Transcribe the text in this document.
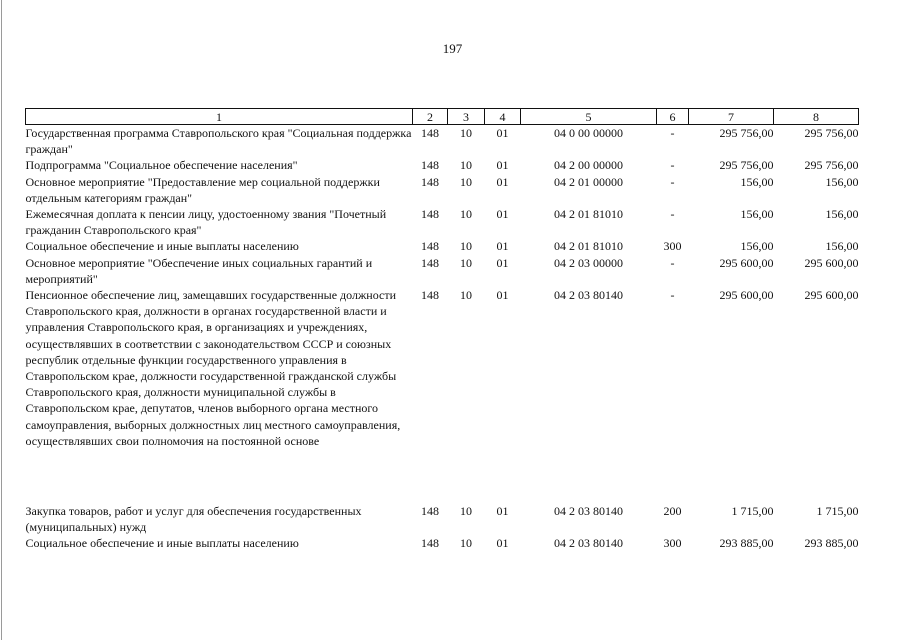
197
1	2	3	4	5	6	7	8
Государственная программа Ставропольского края "Социальная поддержка граждан"	148	10	01	04 0 00 00000	-	295 756,00	295 756,00
Подпрограмма "Социальное обеспечение населения"	148	10	01	04 2 00 00000	-	295 756,00	295 756,00
Основное мероприятие "Предоставление мер социальной поддержки отдельным категориям граждан"	148	10	01	04 2 01 00000	-	156,00	156,00
Ежемесячная доплата к пенсии лицу, удостоенному звания "Почетный гражданин Ставропольского края"	148	10	01	04 2 01 81010	-	156,00	156,00
Социальное обеспечение и иные выплаты населению	148	10	01	04 2 01 81010	300	156,00	156,00
Основное мероприятие "Обеспечение иных социальных гарантий и мероприятий"	148	10	01	04 2 03 00000	-	295 600,00	295 600,00
Пенсионное обеспечение лиц, замещавших государственные должности Ставропольского края, должности в органах государственной власти и управления Ставропольского края, в организациях и учреждениях, осуществлявших в соответствии с законодательством СССР и союзных республик отдельные функции государственного управления в Ставропольском крае, должности государственной гражданской службы Ставропольского края, должности муниципальной службы в Ставропольском крае, депутатов, членов выборного органа местного самоуправления, выборных должностных лиц местного самоуправления, осуществлявших свои полномочия на постоянной основе	148	10	01	04 2 03 80140	-	295 600,00	295 600,00

Закупка товаров, работ и услуг для обеспечения государственных (муниципальных) нужд	148	10	01	04 2 03 80140	200	1 715,00	1 715,00
Социальное обеспечение и иные выплаты населению	148	10	01	04 2 03 80140	300	293 885,00	293 885,00
